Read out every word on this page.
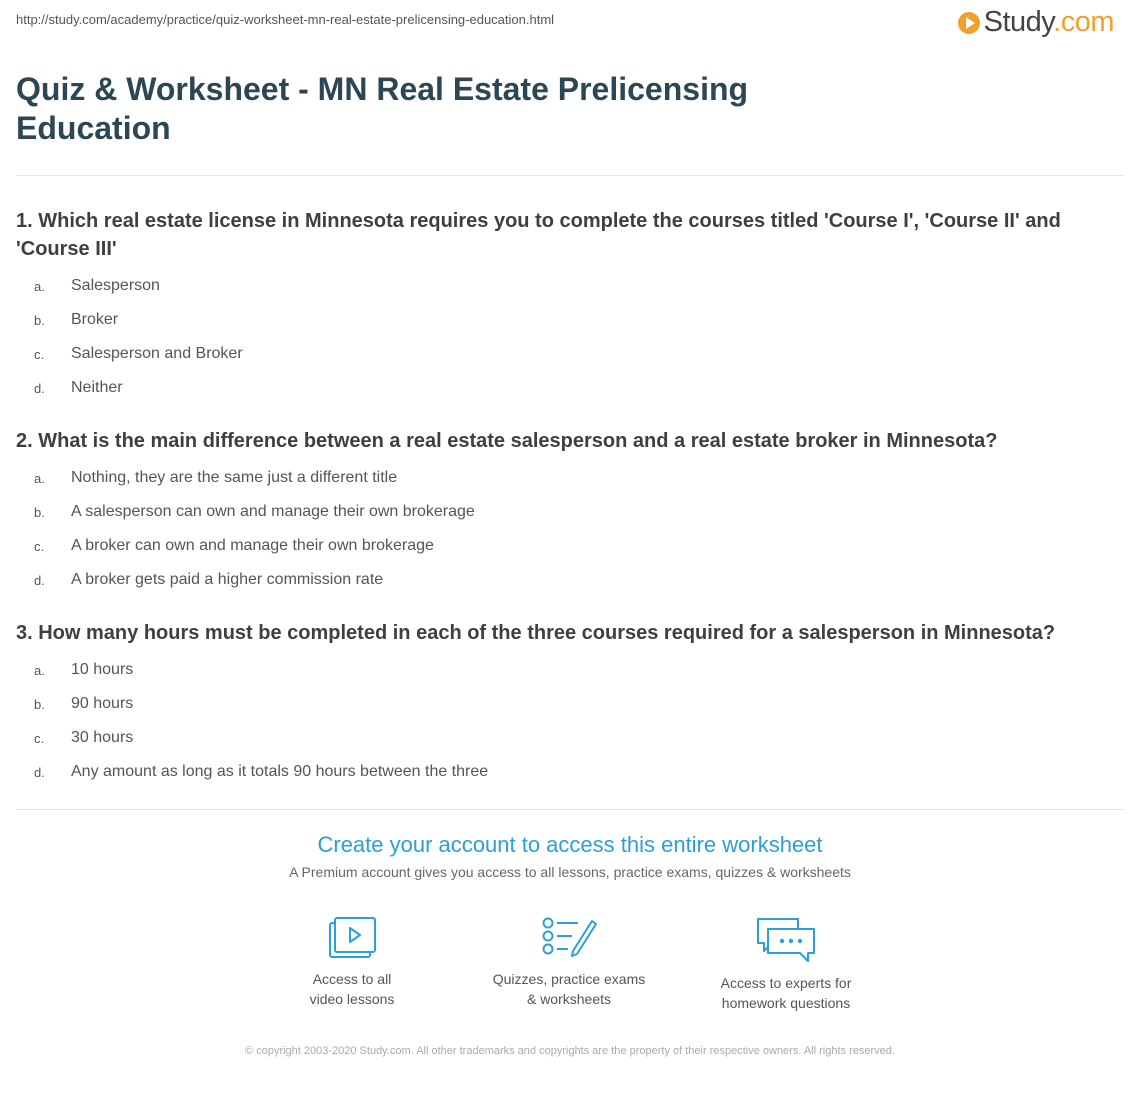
http://study.com/academy/practice/quiz-worksheet-mn-real-estate-prelicensing-education.html	Study.com
Quiz & Worksheet - MN Real Estate Prelicensing Education

1. Which real estate license in Minnesota requires you to complete the courses titled 'Course I', 'Course II' and 'Course III'

a.	Salesperson
b.	Broker
c.	Salesperson and Broker
d.	Neither

2. What is the main difference between a real estate salesperson and a real estate broker in Minnesota?

a.	Nothing, they are the same just a different title
b.	A salesperson can own and manage their own brokerage
c.	A broker can own and manage their own brokerage
d.	A broker gets paid a higher commission rate

3. How many hours must be completed in each of the three courses required for a salesperson in Minnesota?

a.	10 hours
b.	90 hours
c.	30 hours
d.	Any amount as long as it totals 90 hours between the three

Create your account to access this entire worksheet

A Premium account gives you access to all lessons, practice exams, quizzes & worksheets
Access to all
video lessons
Quizzes, practice exams
& worksheets
Access to experts for
homework questions
© copyright 2003-2020 Study.com. All other trademarks and copyrights are the property of their respective owners. All rights reserved.
